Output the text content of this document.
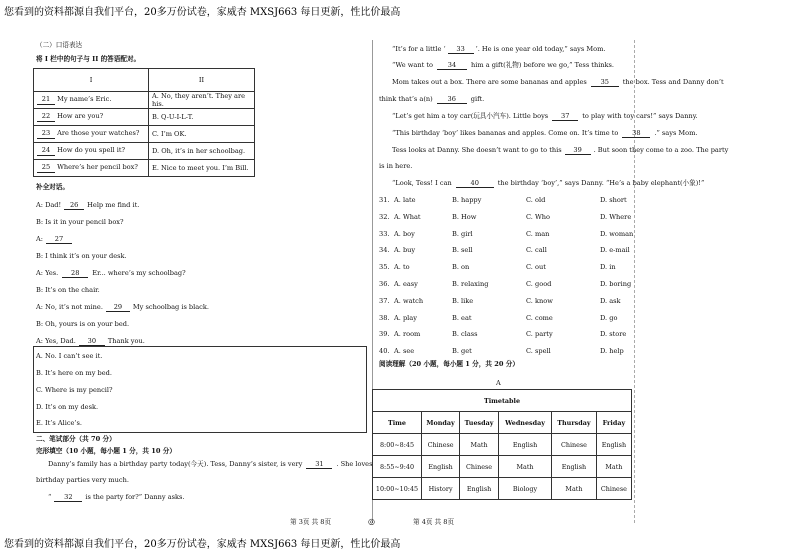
您看到的资料都源自我们平台，20多万份试卷，家威杏 MXSJ663 每日更新，性比价最高
您看到的资料都源自我们平台，20多万份试卷，家威杏 MXSJ663 每日更新，性比价最高
（二）口语表达
将 I 栏中的句子与 II 的答语配对。
I	II
21 My name’s Eric.	A. No, they aren’t. They are his.
22 How are you?	B. Q-U-I-L-T.
23 Are those your watches?	C. I’m OK.
24 How do you spell it?	D. Oh, it’s in her schoolbag.
25 Where’s her pencil box?	E. Nice to meet you. I’m Bill.
补全对话。
A: Dad! 26 Help me find it.
B: Is it in your pencil box?
A: 27
B: I think it’s on your desk.
A: Yes. 28 Er... where’s my schoolbag?
B: It’s on the chair.
A: No, it’s not mine. 29 My schoolbag is black.
B: Oh, yours is on your bed.
A: Yes, Dad. 30 Thank you.
A. No. I can’t see it.
B. It’s here on my bed.
C. Where is my pencil?
D. It’s on my desk.
E. It’s Alice’s.
二、笔试部分（共 70 分）
完形填空（10 小题，每小题 1 分，共 10 分）
Danny’s family has a birthday party today(今天). Tess, Danny’s sister, is very 31 . She loves
birthday parties very much.
“ 32 is the party for?” Danny asks.
第 3页 共 8页	◎	第 4页 共 8页
“It’s for a little ‘ 33 ’. He is one year old today,” says Mom.
“We want to 34 him a gift(礼物) before we go,” Tess thinks.
Mom takes out a box. There are some bananas and apples 35 the box. Tess and Danny don’t
think that’s a(n) 36 gift.
“Let’s get him a toy car(玩具小汽车). Little boys 37 to play with toy cars!” says Danny.
“This birthday ‘boy’ likes bananas and apples. Come on. It’s time to 38 .” says Mom.
Tess looks at Danny. She doesn’t want to go to this 39 . But soon they come to a zoo. The party
is in here.
“Look, Tess! I can	40	the birthday ‘boy’,” says Danny. “He’s a baby elephant(小象)!”
31. A. late	B. happy	C. old	D. short
32. A. What	B. How	C. Who	D. Where
33. A. boy	B. girl	C. man	D. woman
34. A. buy	B. sell	C. call	D. e-mail
35. A. to	B. on	C. out	D. in
36. A. easy	B. relaxing	C. good	D. boring
37. A. watch	B. like	C. know	D. ask
38. A. play	B. eat	C. come	D. go
39. A. room	B. class	C. party	D. store
40. A. see	B. get	C. spell	D. help
阅读理解（20 小题，每小题 1 分，共 20 分）
A
Timetable					
Time	Monday	Tuesday	Wednesday	Thursday	Friday
8:00~8:45	Chinese	Math	English	Chinese	English
8:55~9:40	English	Chinese	Math	English	Math
10:00~10:45	History	English	Biology	Math	Chinese
